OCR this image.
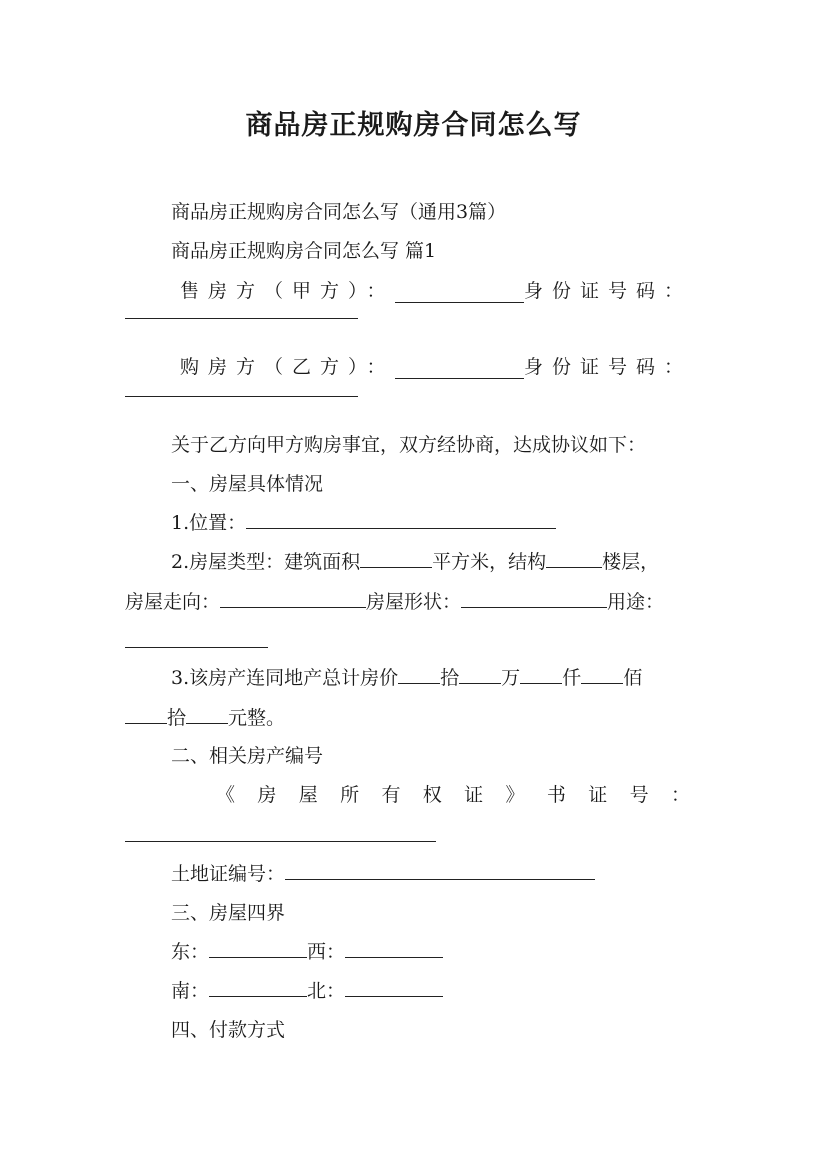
商品房正规购房合同怎么写
商品房正规购房合同怎么写（通用3篇）
商品房正规购房合同怎么写 篇1
售房方（甲方）：	身份证号码：
购房方（乙方）：	身份证号码：
关于乙方向甲方购房事宜，双方经协商，达成协议如下：
一、房屋具体情况
1.位置：
2.房屋类型：建筑面积	平方米，结构	楼层，
房屋走向：	房屋形状：	用途：
3.该房产连同地产总计房价 拾 万 仟 佰
拾 元整。
二、相关房产编号
《 房 屋 所 有 权 证 》 书 证 号 ：
土地证编号：
三、房屋四界
东：	西：
南：	北：
四、付款方式
